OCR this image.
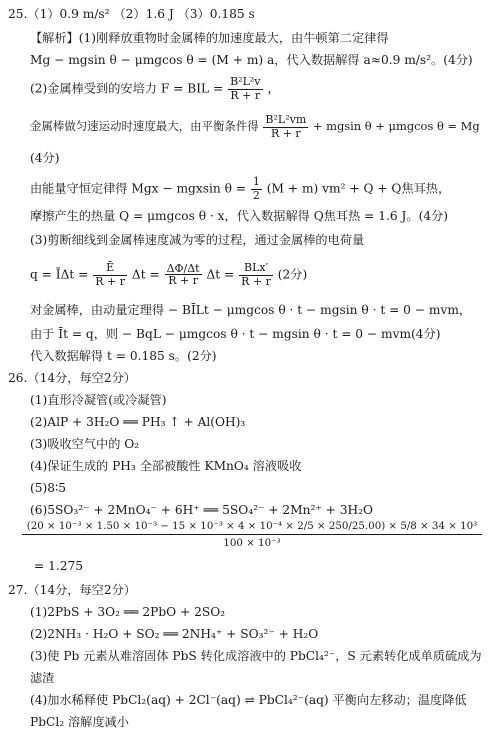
25.（1）0.9 m/s² （2）1.6 J （3）0.185 s
【解析】(1)刚释放重物时金属棒的加速度最大，由牛顿第二定律得
Mg − mgsin θ − μmgcos θ = (M + m) a，代入数据解得 a≈0.9 m/s²。(4分)
(2)金属棒受到的安培力 F = BIL = $\frac{\text{B²L²v}}{R + r}$ ，
金属棒做匀速运动时速度最大，由平衡条件得 $\frac{\text{B²L²vm}}{R + r} + mgsin$ θ + μmgcos θ = Mg
(4分)
由能量守恒定律得 Mgx − mgxsin $\theta = \frac{1}{2} (M + m) vm^2 + Q + Q$焦耳热，
摩擦产生的热量 Q = μmgcos θ · x，代入数据解得 Q焦耳热 = 1.6 J。(4分)
(3)剪断细线到金属棒速度减为零的过程，通过金属棒的电荷量
q = ĪΔt = $\frac{Ē}{R + r}$ $\Delta t = \frac{\Delta\Phi/\Delta t}{R + r}$ $\Delta t = \frac{\text{BLx′}}{R + r} (2$分)
对金属棒，由动量定理得 − BĪLt − μmgcos θ · t − mgsin θ · t = 0 − mvm，
由于 Īt = q，则 − BqL − μmgcos θ · t − mgsin θ · t = 0 − mvm(4分)
代入数据解得 t = 0.185 s。(2分)
26.（14分，每空2分）
(1)直形冷凝管(或冷凝管)
(2)AlP + 3H₂O ══ PH₃ ↑ + Al(OH)₃
(3)吸收空气中的 O₂
(4)保证生成的 PH₃ 全部被酸性 KMnO₄ 溶液吸收
(5)8∶5
(6)5SO₃²⁻ + 2MnO₄⁻ + 6H⁺ ══ 5SO₄²⁻ + 2Mn²⁺ + 3H₂O
(20 × 10⁻³ × 1.50 × 10⁻³ − 15 × 10⁻³ × 4 × 10⁻⁴ × 2/5 × 250/25.00) × 5/8 × 34 × 10³
100 × 10⁻³
= 1.275
27.（14分，每空2分）
(1)2PbS + 3O₂ ══ 2PbO + 2SO₂
(2)2NH₃ · H₂O + SO₂ ══ 2NH₄⁺ + SO₃²⁻ + H₂O
(3)使 Pb 元素从难溶固体 PbS 转化成溶液中的 PbCl₄²⁻，S 元素转化成单质硫成为
滤渣
(4)加水稀释使 PbCl₂(aq) + 2Cl⁻(aq) ⇌ PbCl₄²⁻(aq) 平衡向左移动；温度降低
PbCl₂ 溶解度减小
